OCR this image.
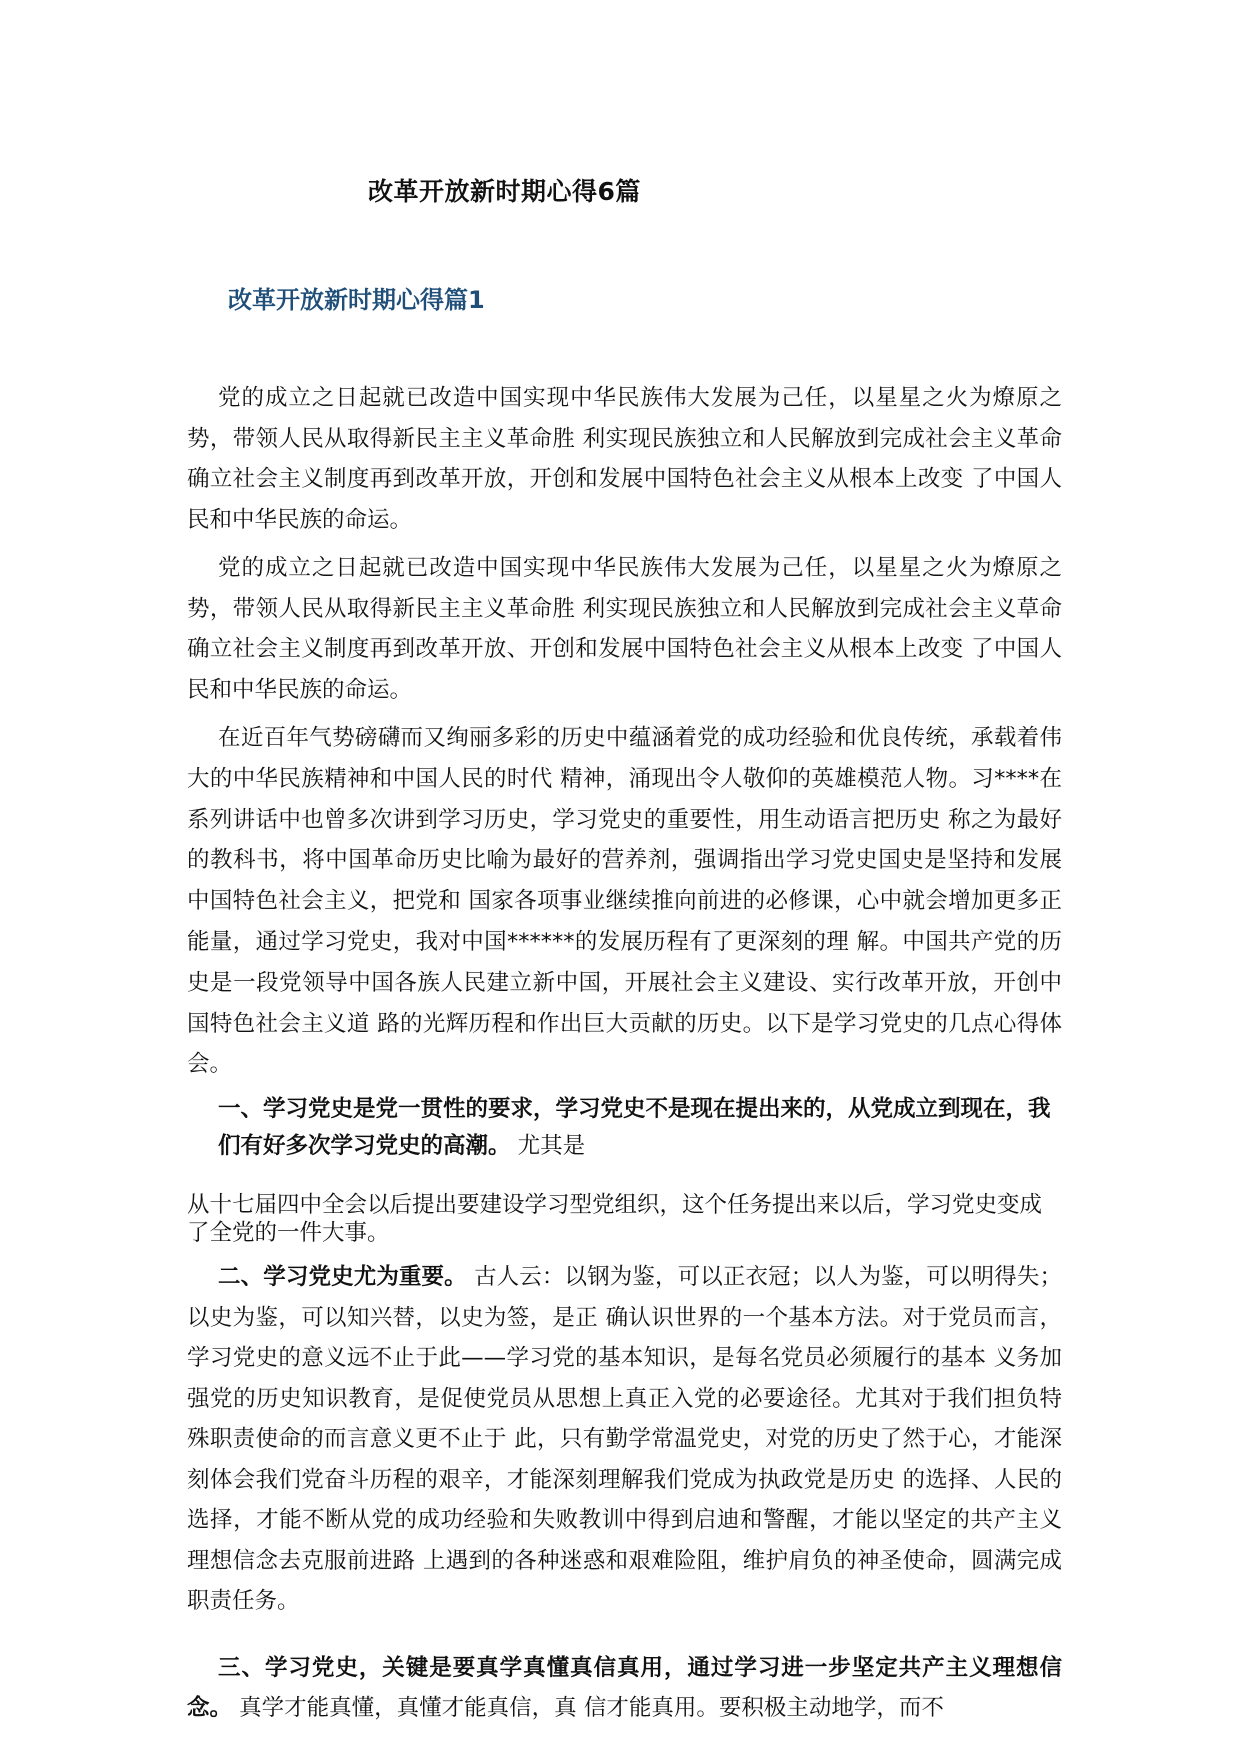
改革开放新时期心得6篇
改革开放新时期心得篇1

党的成立之日起就已改造中国实现中华民族伟大发展为己任，以星星之火为燎原之势，带领人民从取得新民主主义革命胜 利实现民族独立和人民解放到完成社会主义革命确立社会主义制度再到改革开放，开创和发展中国特色社会主义从根本上改变 了中国人民和中华民族的命运。

党的成立之日起就已改造中国实现中华民族伟大发展为己任，以星星之火为燎原之势，带领人民从取得新民主主义革命胜 利实现民族独立和人民解放到完成社会主义草命确立社会主义制度再到改革开放、开创和发展中国特色社会主义从根本上改变 了中国人民和中华民族的命运。

在近百年气势磅礴而又绚丽多彩的历史中蕴涵着党的成功经验和优良传统，承载着伟大的中华民族精神和中国人民的时代 精神，涌现出令人敬仰的英雄模范人物。习****在系列讲话中也曾多次讲到学习历史，学习党史的重要性，用生动语言把历史 称之为最好的教科书，将中国革命历史比喻为最好的营养剂，强调指出学习党史国史是坚持和发展中国特色社会主义，把党和 国家各项事业继续推向前进的必修课，心中就会增加更多正能量，通过学习党史，我对中国******的发展历程有了更深刻的理 解。中国共产党的历史是一段党领导中国各族人民建立新中国，开展社会主义建设、实行改革开放，开创中国特色社会主义道 路的光辉历程和作出巨大贡献的历史。以下是学习党史的几点心得体会。

一、学习党史是党一贯性的要求，学习党史不是现在提出来的，从党成立到现在，我们有好多次学习党史的高潮。 尤其是

从十七届四中全会以后提出要建设学习型党组织，这个任务提出来以后，学习党史变成了全党的一件大事。

二、学习党史尤为重要。 古人云：以钢为鉴，可以正衣冠；以人为鉴，可以明得失；以史为鉴，可以知兴替，以史为签，是正 确认识世界的一个基本方法。对于党员而言，学习党史的意义远不止于此——学习党的基本知识，是每名党员必须履行的基本 义务加强党的历史知识教育，是促使党员从思想上真正入党的必要途径。尤其对于我们担负特殊职责使命的而言意义更不止于 此，只有勤学常温党史，对党的历史了然于心，才能深刻体会我们党奋斗历程的艰辛，才能深刻理解我们党成为执政党是历史 的选择、人民的选择，才能不断从党的成功经验和失败教训中得到启迪和警醒，才能以坚定的共产主义理想信念去克服前进路 上遇到的各种迷惑和艰难险阻，维护肩负的神圣使命，圆满完成职责任务。

三、学习党史，关键是要真学真懂真信真用，通过学习进一步坚定共产主义理想信念。 真学才能真懂，真懂才能真信，真 信才能真用。要积极主动地学，而不
